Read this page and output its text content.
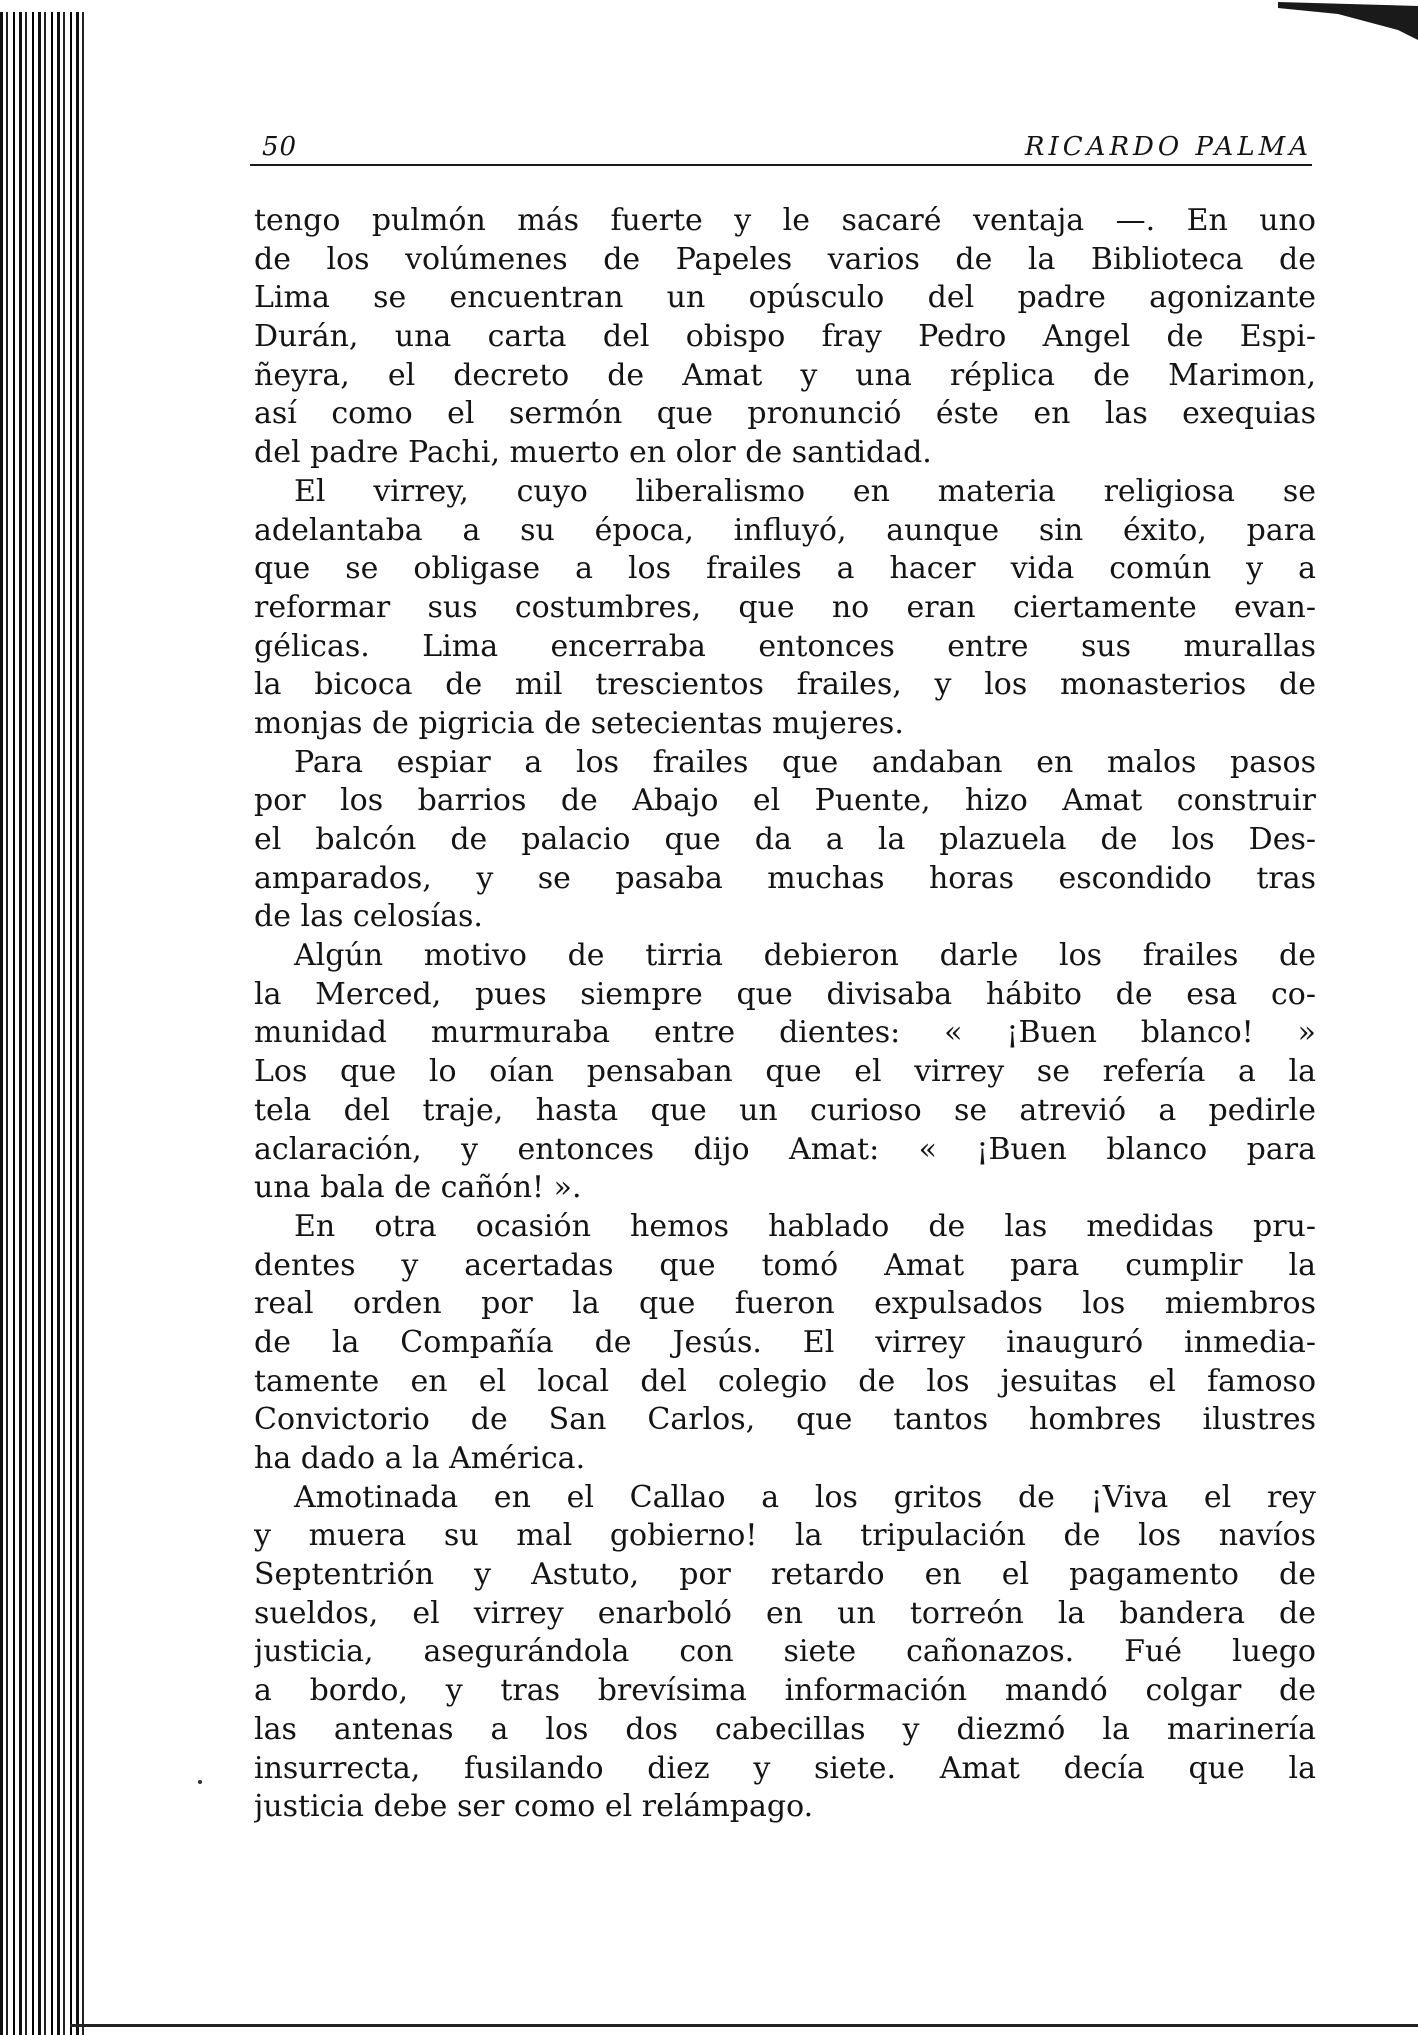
50	RICARDO PALMA
tengo pulmón más fuerte y le sacaré ventaja —. En uno
de los volúmenes de Papeles varios de la Biblioteca de
Lima se encuentran un opúsculo del padre agonizante
Durán, una carta del obispo fray Pedro Angel de Espi-
ñeyra, el decreto de Amat y una réplica de Marimon,
así como el sermón que pronunció éste en las exequias
del padre Pachi, muerto en olor de santidad.
El virrey, cuyo liberalismo en materia religiosa se
adelantaba a su época, influyó, aunque sin éxito, para
que se obligase a los frailes a hacer vida común y a
reformar sus costumbres, que no eran ciertamente evan-
gélicas. Lima encerraba entonces entre sus murallas
la bicoca de mil trescientos frailes, y los monasterios de
monjas de pigricia de setecientas mujeres.
Para espiar a los frailes que andaban en malos pasos
por los barrios de Abajo el Puente, hizo Amat construir
el balcón de palacio que da a la plazuela de los Des-
amparados, y se pasaba muchas horas escondido tras
de las celosías.
Algún motivo de tirria debieron darle los frailes de
la Merced, pues siempre que divisaba hábito de esa co-
munidad murmuraba entre dientes: « ¡Buen blanco! »
Los que lo oían pensaban que el virrey se refería a la
tela del traje, hasta que un curioso se atrevió a pedirle
aclaración, y entonces dijo Amat: « ¡Buen blanco para
una bala de cañón! ».
En otra ocasión hemos hablado de las medidas pru-
dentes y acertadas que tomó Amat para cumplir la
real orden por la que fueron expulsados los miembros
de la Compañía de Jesús. El virrey inauguró inmedia-
tamente en el local del colegio de los jesuitas el famoso
Convictorio de San Carlos, que tantos hombres ilustres
ha dado a la América.
Amotinada en el Callao a los gritos de ¡Viva el rey
y muera su mal gobierno! la tripulación de los navíos
Septentrión y Astuto, por retardo en el pagamento de
sueldos, el virrey enarboló en un torreón la bandera de
justicia, asegurándola con siete cañonazos. Fué luego
a bordo, y tras brevísima información mandó colgar de
las antenas a los dos cabecillas y diezmó la marinería
insurrecta, fusilando diez y siete. Amat decía que la
justicia debe ser como el relámpago.
